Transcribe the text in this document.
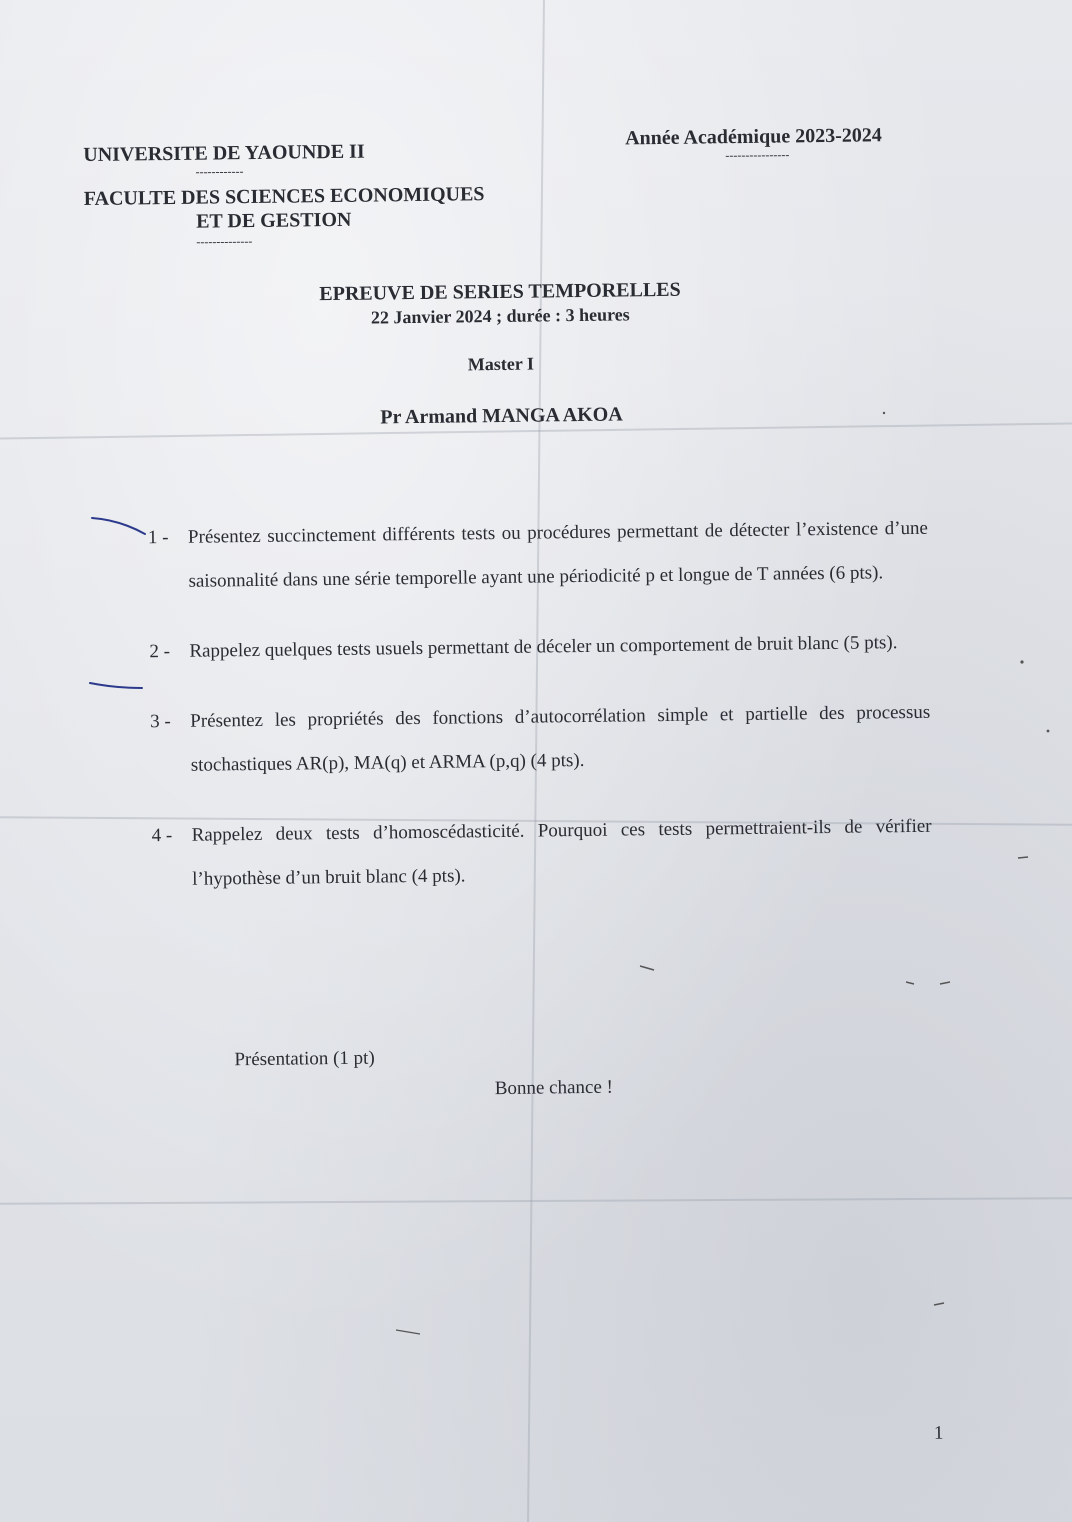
UNIVERSITE DE YAOUNDE II
------------
FACULTE DES SCIENCES ECONOMIQUES
ET DE GESTION
--------------
Année Académique 2023-2024
----------------
EPREUVE DE SERIES TEMPORELLES
22 Janvier 2024 ; durée : 3 heures
Master I
Pr Armand MANGA AKOA
1 -	Présentez succinctement différents tests ou procédures permettant de détecter l’existence d’une saisonnalité dans une série temporelle ayant une périodicité p et longue de T années (6 pts).
2 -	Rappelez quelques tests usuels permettant de déceler un comportement de bruit blanc (5 pts).
3 -	Présentez les propriétés des fonctions d’autocorrélation simple et partielle des processus stochastiques AR(p), MA(q) et ARMA (p,q) (4 pts).
4 -	Rappelez deux tests d’homoscédasticité. Pourquoi ces tests permettraient-ils de vérifier l’hypothèse d’un bruit blanc (4 pts).
Présentation (1 pt)
Bonne chance !
1
